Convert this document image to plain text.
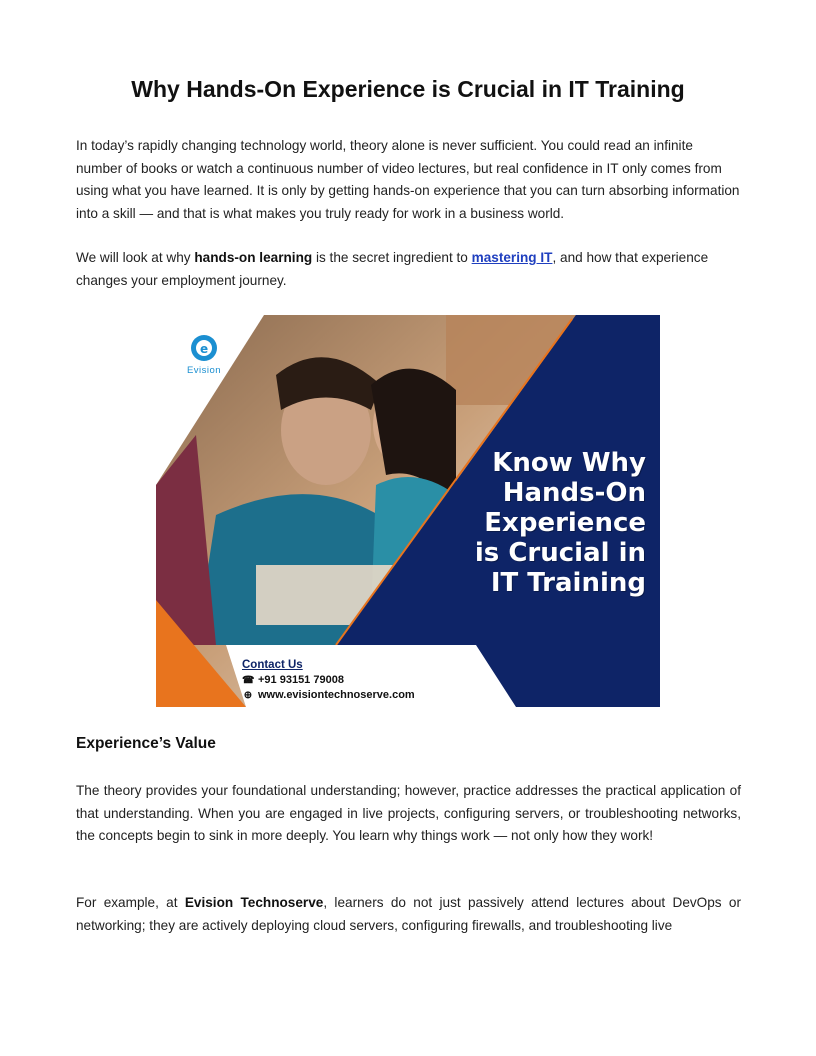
Why Hands-On Experience is Crucial in IT Training

In today’s rapidly changing technology world, theory alone is never sufficient. You could read an infinite number of books or watch a continuous number of video lectures, but real confidence in IT only comes from using what you have learned. It is only by getting hands-on experience that you can turn absorbing information into a skill — and that is what makes you truly ready for work in a business world.

We will look at why hands-on learning is the secret ingredient to mastering IT, and how that experience changes your employment journey.

e
Evision
Know Why
Hands-On
Experience
is Crucial in
IT Training
Contact Us
☎ +91 93151 79008
⊕ www.evisiontechnoserve.com
Experience’s Value

The theory provides your foundational understanding; however, practice addresses the practical application of that understanding. When you are engaged in live projects, configuring servers, or troubleshooting networks, the concepts begin to sink in more deeply. You learn why things work — not only how they work!

For example, at Evision Technoserve, learners do not just passively attend lectures about DevOps or networking; they are actively deploying cloud servers, configuring firewalls, and troubleshooting live
